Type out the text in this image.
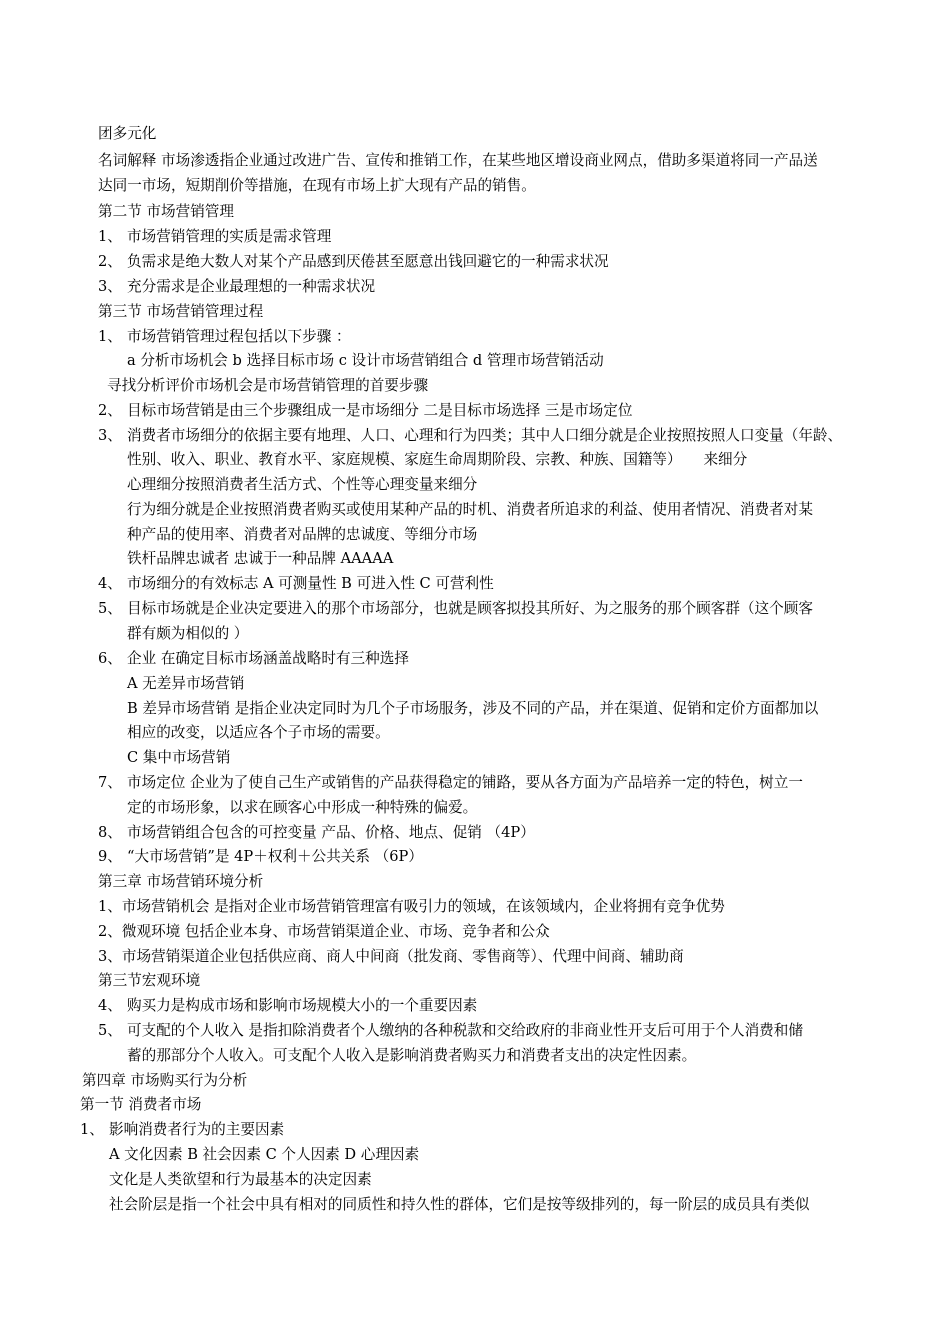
团多元化
名词解释 市场渗透指企业通过改进广告、宣传和推销工作，在某些地区增设商业网点，借助多渠道将同一产品送
达同一市场，短期削价等措施，在现有市场上扩大现有产品的销售。
第二节 市场营销管理
1、 市场营销管理的实质是需求管理
2、 负需求是绝大数人对某个产品感到厌倦甚至愿意出钱回避它的一种需求状况
3、 充分需求是企业最理想的一种需求状况
第三节 市场营销管理过程
1、 市场营销管理过程包括以下步骤 ：
a 分析市场机会 b 选择目标市场 c 设计市场营销组合 d 管理市场营销活动
寻找分析评价市场机会是市场营销管理的首要步骤
2、 目标市场营销是由三个步骤组成一是市场细分 二是目标市场选择 三是市场定位
3、 消费者市场细分的依据主要有地理、人口、心理和行为四类；其中人口细分就是企业按照按照人口变量（年龄、
性别、收入、职业、教育水平、家庭规模、家庭生命周期阶段、宗教、种族、国籍等）　　来细分
心理细分按照消费者生活方式、个性等心理变量来细分
行为细分就是企业按照消费者购买或使用某种产品的时机、消费者所追求的利益、使用者情况、消费者对某
种产品的使用率、消费者对品牌的忠诚度、等细分市场
铁杆品牌忠诚者 忠诚于一种品牌 AAAAA
4、 市场细分的有效标志 A 可测量性 B 可进入性 C 可营利性
5、 目标市场就是企业决定要进入的那个市场部分，也就是顾客拟投其所好、为之服务的那个顾客群（这个顾客
群有颇为相似的 ）
6、 企业 在确定目标市场涵盖战略时有三种选择
A 无差异市场营销
B 差异市场营销 是指企业决定同时为几个子市场服务，涉及不同的产品，并在渠道、促销和定价方面都加以
相应的改变，以适应各个子市场的需要。
C 集中市场营销
7、 市场定位 企业为了使自己生产或销售的产品获得稳定的铺路，要从各方面为产品培养一定的特色，树立一
定的市场形象，以求在顾客心中形成一种特殊的偏爱。
8、 市场营销组合包含的可控变量 产品、价格、地点、促销 （4P）
9、 “大市场营销”是 4P＋权利＋公共关系 （6P）
第三章 市场营销环境分析
1、市场营销机会 是指对企业市场营销管理富有吸引力的领域，在该领域内，企业将拥有竞争优势
2、微观环境 包括企业本身、市场营销渠道企业、市场、竞争者和公众
3、市场营销渠道企业包括供应商、商人中间商（批发商、零售商等）、代理中间商、辅助商
第三节宏观环境
4、 购买力是构成市场和影响市场规模大小的一个重要因素
5、 可支配的个人收入 是指扣除消费者个人缴纳的各种税款和交给政府的非商业性开支后可用于个人消费和储
蓄的那部分个人收入。可支配个人收入是影响消费者购买力和消费者支出的决定性因素。
第四章 市场购买行为分析
第一节 消费者市场
1、 影响消费者行为的主要因素
A 文化因素 B 社会因素 C 个人因素 D 心理因素
文化是人类欲望和行为最基本的决定因素
社会阶层是指一个社会中具有相对的同质性和持久性的群体，它们是按等级排列的，每一阶层的成员具有类似
